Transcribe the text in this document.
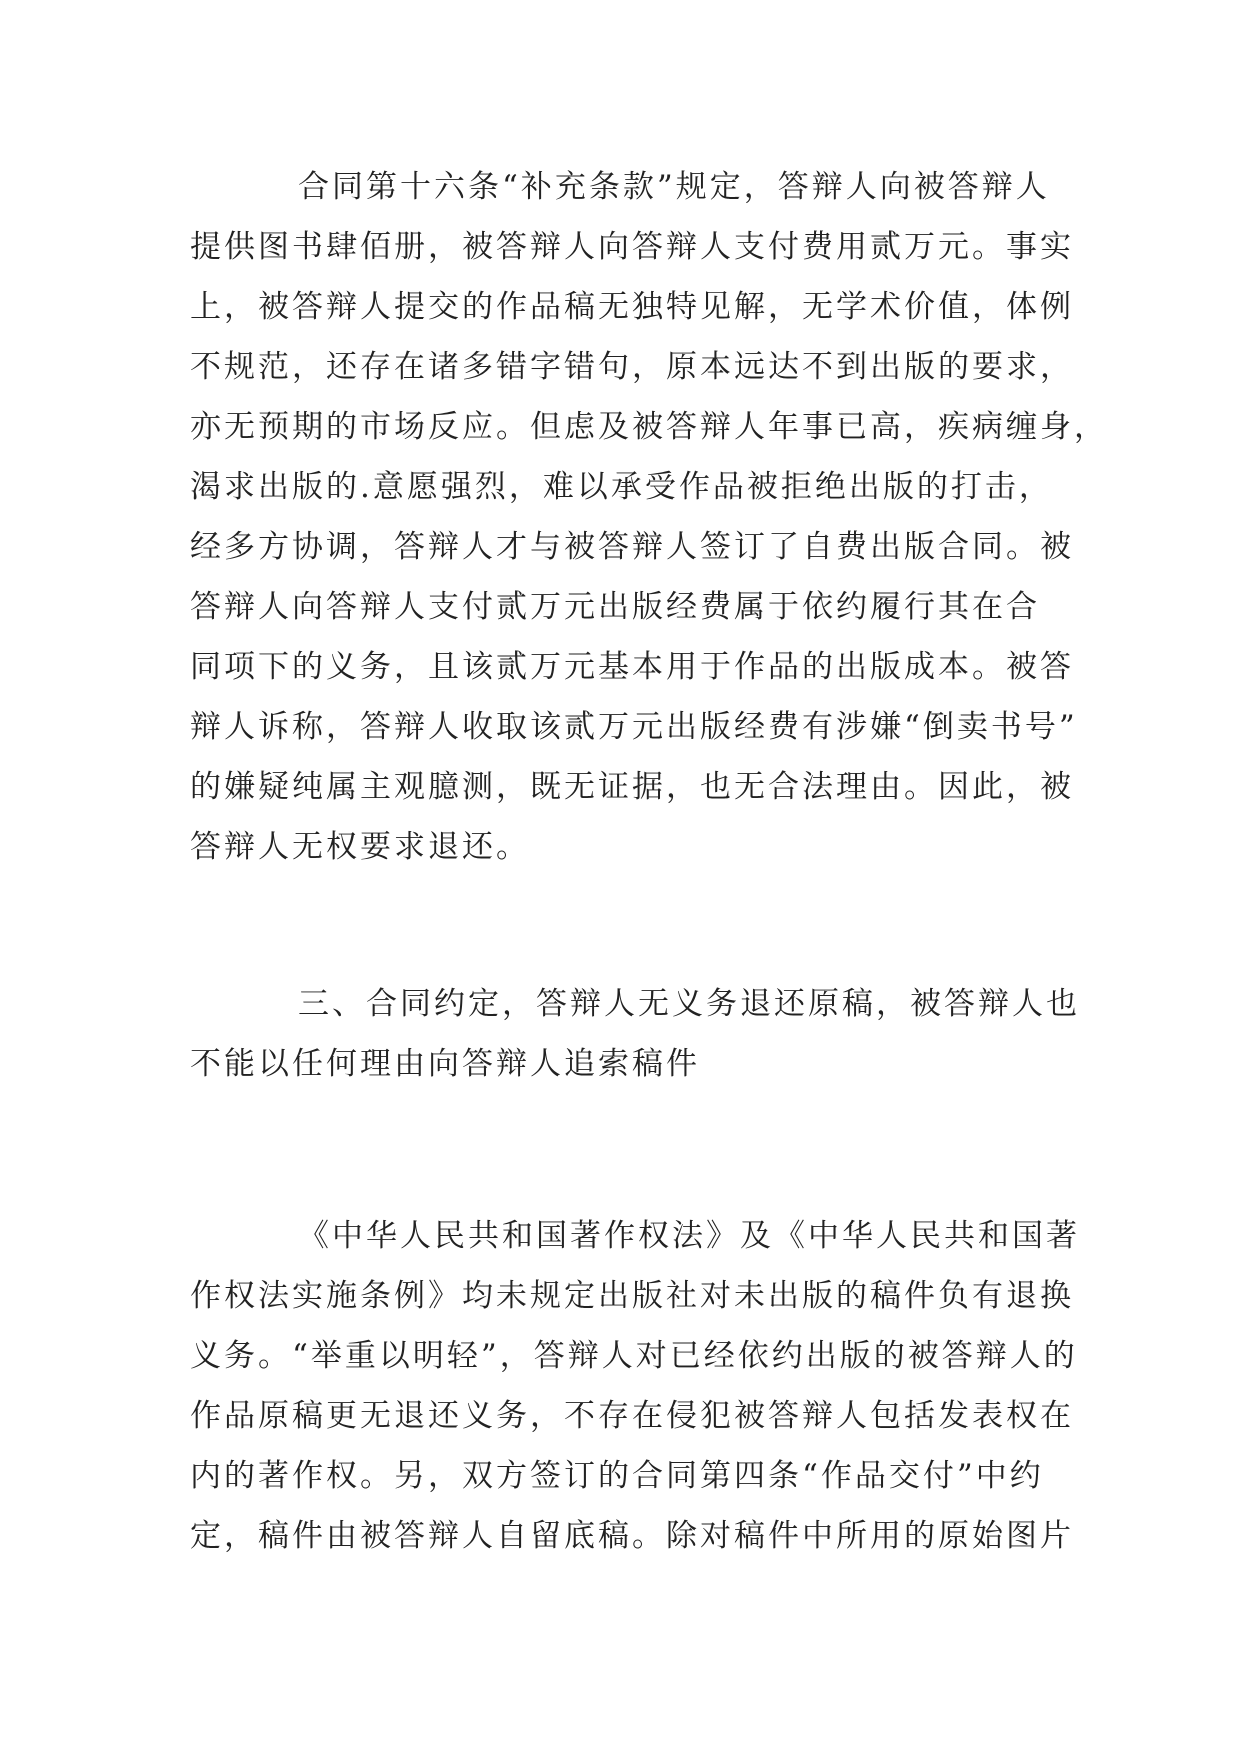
合同第十六条“补充条款”规定，答辩人向被答辩人
提供图书肆佰册，被答辩人向答辩人支付费用贰万元。事实
上，被答辩人提交的作品稿无独特见解，无学术价值，体例
不规范，还存在诸多错字错句，原本远达不到出版的要求，
亦无预期的市场反应。但虑及被答辩人年事已高，疾病缠身，
渴求出版的.意愿强烈，难以承受作品被拒绝出版的打击，
经多方协调，答辩人才与被答辩人签订了自费出版合同。被
答辩人向答辩人支付贰万元出版经费属于依约履行其在合
同项下的义务，且该贰万元基本用于作品的出版成本。被答
辩人诉称，答辩人收取该贰万元出版经费有涉嫌“倒卖书号”
的嫌疑纯属主观臆测，既无证据，也无合法理由。因此，被
答辩人无权要求退还。
三、合同约定，答辩人无义务退还原稿，被答辩人也
不能以任何理由向答辩人追索稿件
《中华人民共和国著作权法》及《中华人民共和国著
作权法实施条例》均未规定出版社对未出版的稿件负有退换
义务。“举重以明轻”，答辩人对已经依约出版的被答辩人的
作品原稿更无退还义务，不存在侵犯被答辩人包括发表权在
内的著作权。另，双方签订的合同第四条“作品交付”中约
定，稿件由被答辩人自留底稿。除对稿件中所用的原始图片
